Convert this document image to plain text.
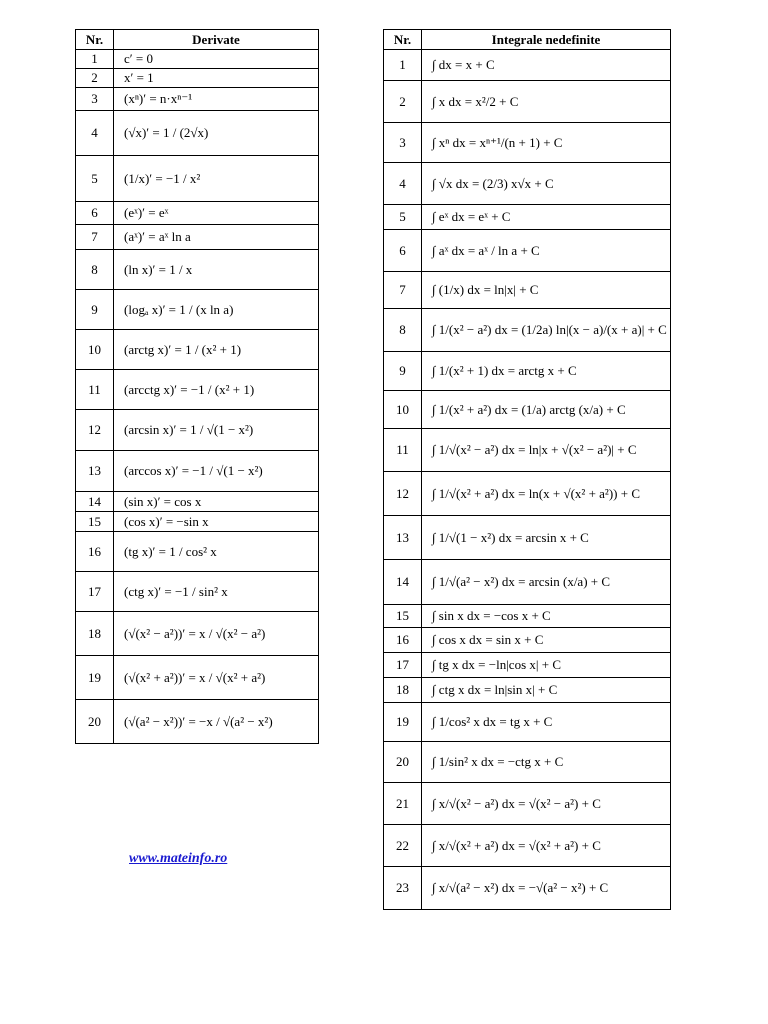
Nr.	Derivate
1	c′ = 0
2	x′ = 1
3	(xⁿ)′ = n·xⁿ⁻¹
4	(√x)′ = 1 / (2√x)
5	(1/x)′ = −1 / x²
6	(eˣ)′ = eˣ
7	(aˣ)′ = aˣ ln a
8	(ln x)′ = 1 / x
9	(logₐ x)′ = 1 / (x ln a)
10	(arctg x)′ = 1 / (x² + 1)
11	(arcctg x)′ = −1 / (x² + 1)
12	(arcsin x)′ = 1 / √(1 − x²)
13	(arccos x)′ = −1 / √(1 − x²)
14	(sin x)′ = cos x
15	(cos x)′ = −sin x
16	(tg x)′ = 1 / cos² x
17	(ctg x)′ = −1 / sin² x
18	(√(x² − a²))′ = x / √(x² − a²)
19	(√(x² + a²))′ = x / √(x² + a²)
20	(√(a² − x²))′ = −x / √(a² − x²)
Nr.	Integrale nedefinite
1	∫ dx = x + C
2	∫ x dx = x²/2 + C
3	∫ xⁿ dx = xⁿ⁺¹/(n + 1) + C
4	∫ √x dx = (2/3) x√x + C
5	∫ eˣ dx = eˣ + C
6	∫ aˣ dx = aˣ / ln a + C
7	∫ (1/x) dx = ln|x| + C
8	∫ 1/(x² − a²) dx = (1/2a) ln|(x − a)/(x + a)| + C
9	∫ 1/(x² + 1) dx = arctg x + C
10	∫ 1/(x² + a²) dx = (1/a) arctg (x/a) + C
11	∫ 1/√(x² − a²) dx = ln|x + √(x² − a²)| + C
12	∫ 1/√(x² + a²) dx = ln(x + √(x² + a²)) + C
13	∫ 1/√(1 − x²) dx = arcsin x + C
14	∫ 1/√(a² − x²) dx = arcsin (x/a) + C
15	∫ sin x dx = −cos x + C
16	∫ cos x dx = sin x + C
17	∫ tg x dx = −ln|cos x| + C
18	∫ ctg x dx = ln|sin x| + C
19	∫ 1/cos² x dx = tg x + C
20	∫ 1/sin² x dx = −ctg x + C
21	∫ x/√(x² − a²) dx = √(x² − a²) + C
22	∫ x/√(x² + a²) dx = √(x² + a²) + C
23	∫ x/√(a² − x²) dx = −√(a² − x²) + C
www.mateinfo.ro
